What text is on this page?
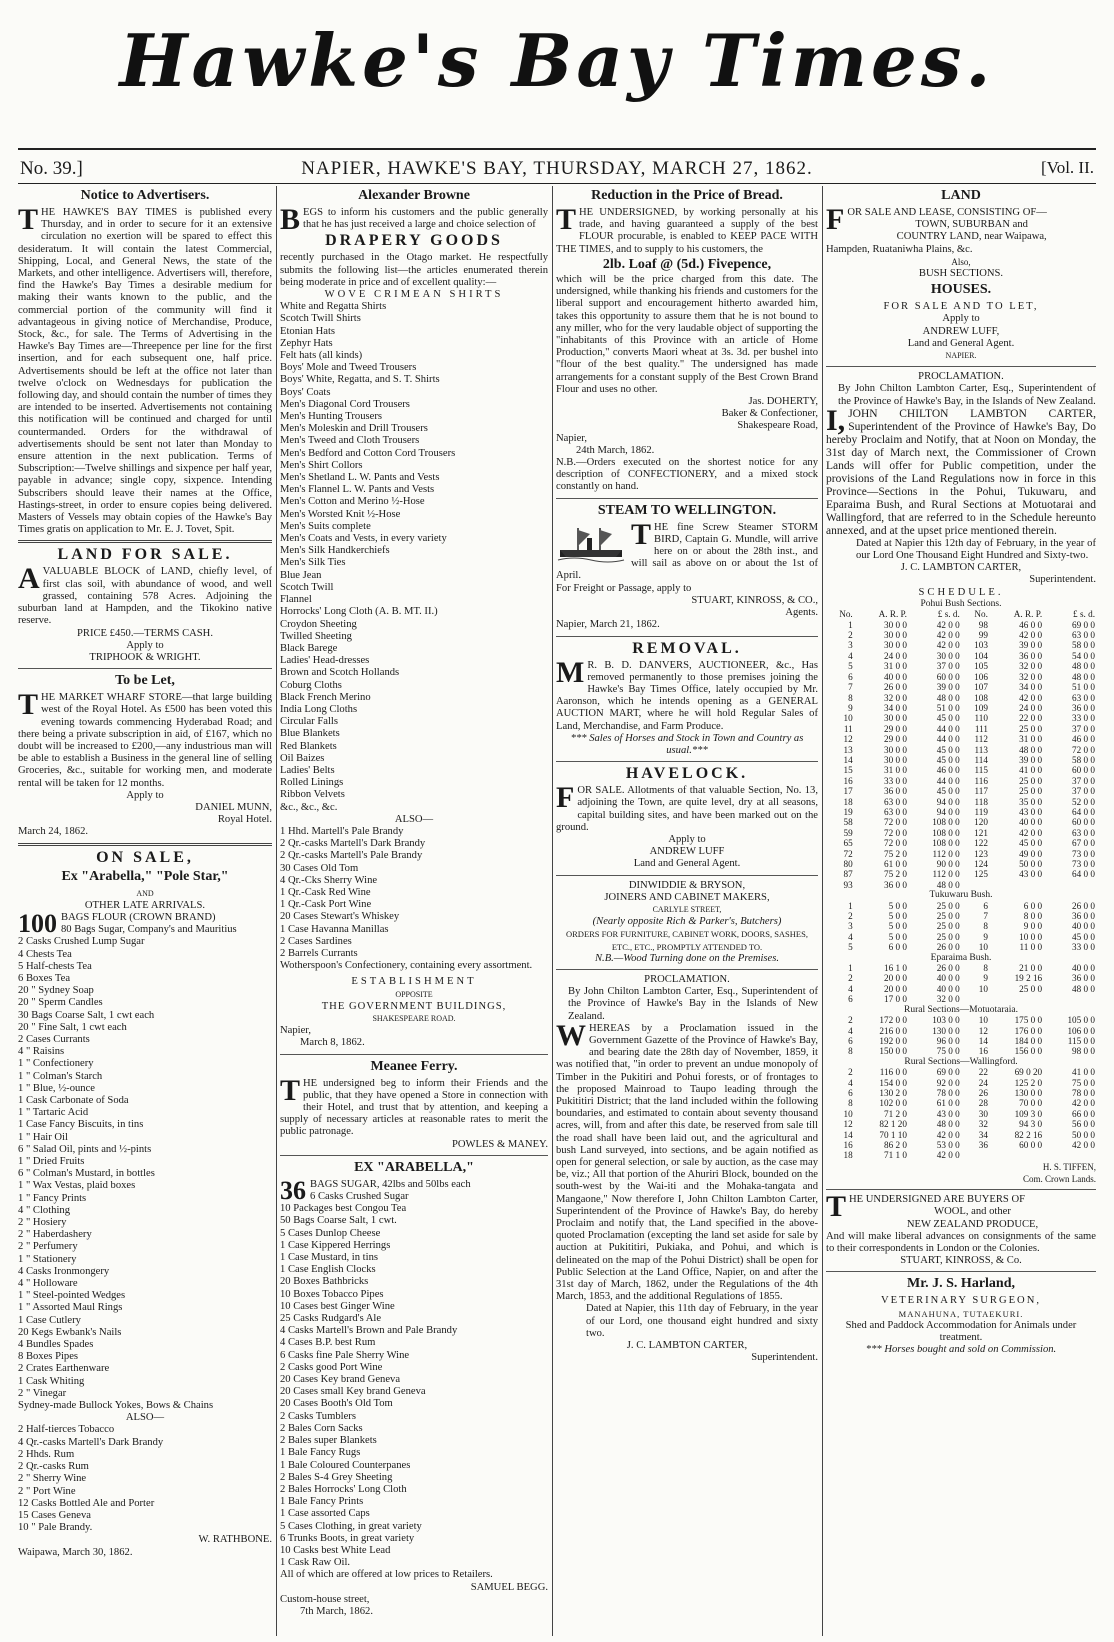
Hawke's Bay Times.
No. 39.]	NAPIER, HAWKE'S BAY, THURSDAY, MARCH 27, 1862.	[Vol. II.
Notice to Advertisers.

THE HAWKE'S BAY TIMES is published every Thursday, and in order to secure for it an extensive circulation no exertion will be spared to effect this desideratum. It will contain the latest Commercial, Shipping, Local, and General News, the state of the Markets, and other intelligence. Advertisers will, therefore, find the Hawke's Bay Times a desirable medium for making their wants known to the public, and the commercial portion of the community will find it advantageous in giving notice of Merchandise, Produce, Stock, &c., for sale. The Terms of Advertising in the Hawke's Bay Times are—Threepence per line for the first insertion, and for each subsequent one, half price. Advertisements should be left at the office not later than twelve o'clock on Wednesdays for publication the following day, and should contain the number of times they are intended to be inserted. Advertisements not containing this notification will be continued and charged for until countermanded. Orders for the withdrawal of advertisements should be sent not later than Monday to ensure attention in the next publication. Terms of Subscription:—Twelve shillings and sixpence per half year, payable in advance; single copy, sixpence. Intending Subscribers should leave their names at the Office, Hastings-street, in order to ensure copies being delivered. Masters of Vessels may obtain copies of the Hawke's Bay Times gratis on application to Mr. E. J. Tovet, Spit.

LAND FOR SALE.

AVALUABLE BLOCK of LAND, chiefly level, of first clas soil, with abundance of wood, and well grassed, containing 578 Acres. Adjoining the suburban land at Hampden, and the Tikokino native reserve.

PRICE £450.—TERMS CASH.
Apply to
TRIPHOOK & WRIGHT.
To be Let,

THE MARKET WHARF STORE—that large building west of the Royal Hotel. As £500 has been voted this evening towards commencing Hyderabad Road; and there being a private subscription in aid, of £167, which no doubt will be increased to £200,—any industrious man will be able to establish a Business in the general line of selling Groceries, &c., suitable for working men, and moderate rental will be taken for 12 months.

Apply to
DANIEL MUNN,
Royal Hotel.
March 24, 1862.
ON SALE,
Ex "Arabella," "Pole Star,"
AND
OTHER LATE ARRIVALS.
100 BAGS FLOUR (CROWN BRAND)
80 Bags Sugar, Company's and Mauritius
2 Casks Crushed Lump Sugar
4 Chests Tea
5 Half-chests Tea
6 Boxes Tea
20 " Sydney Soap
20 " Sperm Candles
30 Bags Coarse Salt, 1 cwt each
20 " Fine Salt, 1 cwt each
2 Cases Currants
4 " Raisins
1 " Confectionery
1 " Colman's Starch
1 " Blue, ½-ounce
1 Cask Carbonate of Soda
1 " Tartaric Acid
1 Case Fancy Biscuits, in tins
1 " Hair Oil
6 " Salad Oil, pints and ½-pints
1 " Dried Fruits
6 " Colman's Mustard, in bottles
1 " Wax Vestas, plaid boxes
1 " Fancy Prints
4 " Clothing
2 " Hosiery
2 " Haberdashery
2 " Perfumery
1 " Stationery
4 Casks Ironmongery
4 " Holloware
1 " Steel-pointed Wedges
1 " Assorted Maul Rings
1 Case Cutlery
20 Kegs Ewbank's Nails
4 Bundles Spades
8 Boxes Pipes
2 Crates Earthenware
1 Cask Whiting
2 " Vinegar
Sydney-made Bullock Yokes, Bows & Chains
ALSO—
2 Half-tierces Tobacco
4 Qr.-casks Martell's Dark Brandy
2 Hhds. Rum
2 Qr.-casks Rum
2 " Sherry Wine
2 " Port Wine
12 Casks Bottled Ale and Porter
15 Cases Geneva
10 " Pale Brandy.
W. RATHBONE.
Waipawa, March 30, 1862.
Alexander Browne

BEGS to inform his customers and the public generally that he has just received a large and choice selection of

DRAPERY GOODS

recently purchased in the Otago market. He respectfully submits the following list—the articles enumerated therein being moderate in price and of excellent quality:—

WOVE CRIMEAN SHIRTS
White and Regatta Shirts
Scotch Twill Shirts
Etonian Hats
Zephyr Hats
Felt hats (all kinds)
Boys' Mole and Tweed Trousers
Boys' White, Regatta, and S. T. Shirts
Boys' Coats
Men's Diagonal Cord Trousers
Men's Hunting Trousers
Men's Moleskin and Drill Trousers
Men's Tweed and Cloth Trousers
Men's Bedford and Cotton Cord Trousers
Men's Shirt Collors
Men's Shetland L. W. Pants and Vests
Men's Flannel L. W. Pants and Vests
Men's Cotton and Merino ½-Hose
Men's Worsted Knit ½-Hose
Men's Suits complete
Men's Coats and Vests, in every variety
Men's Silk Handkerchiefs
Men's Silk Ties
Blue Jean
Scotch Twill
Flannel
Horrocks' Long Cloth (A. B. MT. II.)
Croydon Sheeting
Twilled Sheeting
Black Barege
Ladies' Head-dresses
Brown and Scotch Hollands
Coburg Cloths
Black French Merino
India Long Cloths
Circular Falls
Blue Blankets
Red Blankets
Oil Baizes
Ladies' Belts
Rolled Linings
Ribbon Velvets
&c., &c., &c.
ALSO—
1 Hhd. Martell's Pale Brandy
2 Qr.-casks Martell's Dark Brandy
2 Qr.-casks Martell's Pale Brandy
30 Cases Old Tom
4 Qr.-Cks Sherry Wine
1 Qr.-Cask Red Wine
1 Qr.-Cask Port Wine
20 Cases Stewart's Whiskey
1 Case Havanna Manillas
2 Cases Sardines
2 Barrels Currants
Wotherspoon's Confectionery, containing every assortment.
ESTABLISHMENT
OPPOSITE
THE GOVERNMENT BUILDINGS,
SHAKESPEARE ROAD.
Napier,
March 8, 1862.
Meanee Ferry.

THE undersigned beg to inform their Friends and the public, that they have opened a Store in connection with their Hotel, and trust that by attention, and keeping a supply of necessary articles at reasonable rates to merit the public patronage.

POWLES & MANEY.
EX "ARABELLA,"
36 BAGS SUGAR, 42lbs and 50lbs each
6 Casks Crushed Sugar
10 Packages best Congou Tea
50 Bags Coarse Salt, 1 cwt.
5 Cases Dunlop Cheese
1 Case Kippered Herrings
1 Case Mustard, in tins
1 Case English Clocks
20 Boxes Bathbricks
10 Boxes Tobacco Pipes
10 Cases best Ginger Wine
25 Casks Rudgard's Ale
4 Casks Martell's Brown and Pale Brandy
4 Cases B.P. best Rum
6 Casks fine Pale Sherry Wine
2 Casks good Port Wine
20 Cases Key brand Geneva
20 Cases small Key brand Geneva
20 Cases Booth's Old Tom
2 Casks Tumblers
2 Bales Corn Sacks
2 Bales super Blankets
1 Bale Fancy Rugs
1 Bale Coloured Counterpanes
2 Bales S-4 Grey Sheeting
2 Bales Horrocks' Long Cloth
1 Bale Fancy Prints
1 Case assorted Caps
5 Cases Clothing, in great variety
6 Trunks Boots, in great variety
10 Casks best White Lead
1 Cask Raw Oil.
All of which are offered at low prices to Retailers.
SAMUEL BEGG.
Custom-house street,
7th March, 1862.
Reduction in the Price of Bread.

THE UNDERSIGNED, by working personally at his trade, and having guaranteed a supply of the best FLOUR procurable, is enabled to KEEP PACE WITH THE TIMES, and to supply to his customers, the

2lb. Loaf @ (5d.) Fivepence,

which will be the price charged from this date. The undersigned, while thanking his friends and customers for the liberal support and encouragement hitherto awarded him, takes this opportunity to assure them that he is not bound to any miller, who for the very laudable object of supporting the "inhabitants of this Province with an article of Home Production," converts Maori wheat at 3s. 3d. per bushel into "flour of the best quality." The undersigned has made arrangements for a constant supply of the Best Crown Brand Flour and uses no other.

Jas. DOHERTY,
Baker & Confectioner,
Shakespeare Road,
Napier,
24th March, 1862.

N.B.—Orders executed on the shortest notice for any description of CONFECTIONERY, and a mixed stock constantly on hand.

STEAM TO WELLINGTON.

THE fine Screw Steamer STORM BIRD, Captain G. Mundle, will arrive here on or about the 28th inst., and will sail as above on or about the 1st of April.

For Freight or Passage, apply to
STUART, KINROSS, & CO.,
Agents.
Napier, March 21, 1862.
REMOVAL.

M R. B. D. DANVERS, AUCTIONEER, &c., Has removed permanently to those premises joining the Hawke's Bay Times Office, lately occupied by Mr. Aaronson, which he intends opening as a GENERAL AUCTION MART, where he will hold Regular Sales of Land, Merchandise, and Farm Produce.

*** Sales of Horses and Stock in Town and Country as usual.***
HAVELOCK.

FOR SALE. Allotments of that valuable Section, No. 13, adjoining the Town, are quite level, dry at all seasons, capital building sites, and have been marked out on the ground.

Apply to
ANDREW LUFF
Land and General Agent.
DINWIDDIE & BRYSON,
JOINERS AND CABINET MAKERS,
CARLYLE STREET,
(Nearly opposite Rich & Parker's, Butchers)
ORDERS FOR FURNITURE, CABINET WORK, DOORS, SASHES, ETC., ETC., PROMPTLY ATTENDED TO.
N.B.—Wood Turning done on the Premises.
PROCLAMATION.

By John Chilton Lambton Carter, Esq., Superintendent of the Province of Hawke's Bay in the Islands of New Zealand.

WHEREAS by a Proclamation issued in the Government Gazette of the Province of Hawke's Bay, and bearing date the 28th day of November, 1859, it was notified that, "in order to prevent an undue monopoly of Timber in the Pukitiri and Pohui forests, or of frontages to the proposed Mainroad to Taupo leading through the Pukititiri District; that the land included within the following boundaries, and estimated to contain about seventy thousand acres, will, from and after this date, be reserved from sale till the road shall have been laid out, and the agricultural and bush Land surveyed, into sections, and be again notified as open for general selection, or sale by auction, as the case may be, viz.; All that portion of the Ahuriri Block, bounded on the south-west by the Wai-iti and the Mohaka-tangata and Mangaone," Now therefore I, John Chilton Lambton Carter, Superintendent of the Province of Hawke's Bay, do hereby Proclaim and notify that, the Land specified in the above-quoted Proclamation (excepting the land set aside for sale by auction at Pukititiri, Pukiaka, and Pohui, and which is delineated on the map of the Pohui District) shall be open for Public Selection at the Land Office, Napier, on and after the 31st day of March, 1862, under the Regulations of the 4th March, 1853, and the additional Regulations of 1855.

Dated at Napier, this 11th day of February, in the year of our Lord, one thousand eight hundred and sixty two.

J. C. LAMBTON CARTER,
Superintendent.
LAND

FOR SALE AND LEASE, CONSISTING OF—

TOWN, SUBURBAN and
COUNTRY LAND, near Waipawa,
Hampden, Ruataniwha Plains, &c.
Also,
BUSH SECTIONS.
HOUSES.
FOR SALE AND TO LET,
Apply to
ANDREW LUFF,
Land and General Agent.
NAPIER.
PROCLAMATION.

By John Chilton Lambton Carter, Esq., Superintendent of the Province of Hawke's Bay, in the Islands of New Zealand.

I, JOHN CHILTON LAMBTON CARTER, Superintendent of the Province of Hawke's Bay, Do hereby Proclaim and Notify, that at Noon on Monday, the 31st day of March next, the Commissioner of Crown Lands will offer for Public competition, under the provisions of the Land Regulations now in force in this Province—Sections in the Pohui, Tukuwaru, and Eparaima Bush, and Rural Sections at Motuotarai and Wallingford, that are referred to in the Schedule hereunto annexed, and at the upset price mentioned therein.

Dated at Napier this 12th day of February, in the year of our Lord One Thousand Eight Hundred and Sixty-two.

J. C. LAMBTON CARTER,
Superintendent.
SCHEDULE.
Pohui Bush Sections.					
No.	A. R. P.	£ s. d.	No.	A. R. P.	£ s. d.
1	30 0 0	42 0 0	98	46 0 0	69 0 0
2	30 0 0	42 0 0	99	42 0 0	63 0 0
3	30 0 0	42 0 0	103	39 0 0	58 0 0
4	24 0 0	30 0 0	104	36 0 0	54 0 0
5	31 0 0	37 0 0	105	32 0 0	48 0 0
6	40 0 0	60 0 0	106	32 0 0	48 0 0
7	26 0 0	39 0 0	107	34 0 0	51 0 0
8	32 0 0	48 0 0	108	42 0 0	63 0 0
9	34 0 0	51 0 0	109	24 0 0	36 0 0
10	30 0 0	45 0 0	110	22 0 0	33 0 0
11	29 0 0	44 0 0	111	25 0 0	37 0 0
12	29 0 0	44 0 0	112	31 0 0	46 0 0
13	30 0 0	45 0 0	113	48 0 0	72 0 0
14	30 0 0	45 0 0	114	39 0 0	58 0 0
15	31 0 0	46 0 0	115	41 0 0	60 0 0
16	33 0 0	44 0 0	116	25 0 0	37 0 0
17	36 0 0	45 0 0	117	25 0 0	37 0 0
18	63 0 0	94 0 0	118	35 0 0	52 0 0
19	63 0 0	94 0 0	119	43 0 0	64 0 0
58	72 0 0	108 0 0	120	40 0 0	60 0 0
59	72 0 0	108 0 0	121	42 0 0	63 0 0
65	72 0 0	108 0 0	122	45 0 0	67 0 0
72	75 2 0	112 0 0	123	49 0 0	73 0 0
80	61 0 0	90 0 0	124	50 0 0	73 0 0
87	75 2 0	112 0 0	125	43 0 0	64 0 0
93	36 0 0	48 0 0			
Tukuwaru Bush.					
1	5 0 0	25 0 0	6	6 0 0	26 0 0
2	5 0 0	25 0 0	7	8 0 0	36 0 0
3	5 0 0	25 0 0	8	9 0 0	40 0 0
4	5 0 0	25 0 0	9	10 0 0	45 0 0
5	6 0 0	26 0 0	10	11 0 0	33 0 0
Eparaima Bush.					
1	16 1 0	26 0 0	8	21 0 0	40 0 0
2	20 0 0	40 0 0	9	19 2 16	36 0 0
4	20 0 0	40 0 0	10	25 0 0	48 0 0
6	17 0 0	32 0 0			
Rural Sections—Motuotaraia.					
2	172 0 0	103 0 0	10	175 0 0	105 0 0
4	216 0 0	130 0 0	12	176 0 0	106 0 0
6	192 0 0	96 0 0	14	184 0 0	115 0 0
8	150 0 0	75 0 0	16	156 0 0	98 0 0
Rural Sections—Wallingford.					
2	116 0 0	69 0 0	22	69 0 20	41 0 0
4	154 0 0	92 0 0	24	125 2 0	75 0 0
6	130 2 0	78 0 0	26	130 0 0	78 0 0
8	102 0 0	61 0 0	28	70 0 0	42 0 0
10	71 2 0	43 0 0	30	109 3 0	66 0 0
12	82 1 20	48 0 0	32	94 3 0	56 0 0
14	70 1 10	42 0 0	34	82 2 16	50 0 0
16	86 2 0	53 0 0	36	60 0 0	42 0 0
18	71 1 0	42 0 0			
H. S. TIFFEN,
Com. Crown Lands.

THE UNDERSIGNED ARE BUYERS OF

WOOL, and other
NEW ZEALAND PRODUCE,

And will make liberal advances on consignments of the same to their correspondents in London or the Colonies.

STUART, KINROSS, & Co.
Mr. J. S. Harland,
VETERINARY SURGEON,
MANAHUNA, TUTAEKURI.
Shed and Paddock Accommodation for Animals under treatment.
*** Horses bought and sold on Commission.
